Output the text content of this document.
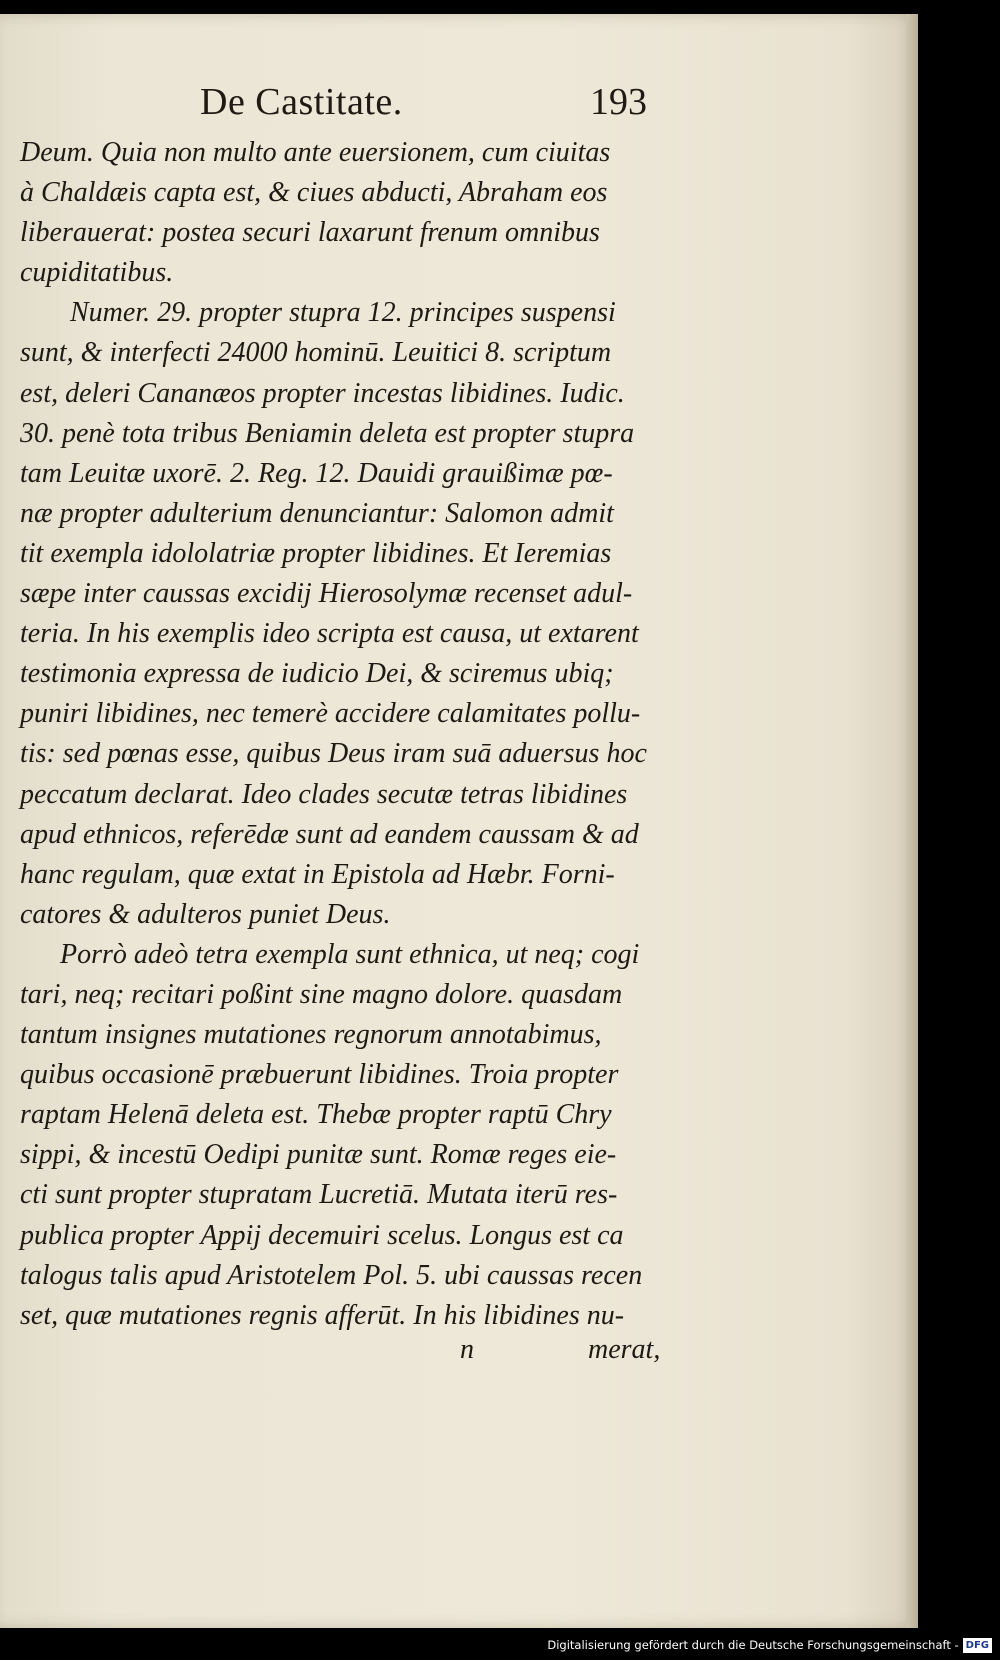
De Castitate.	193
Deum. Quia non multo ante euersionem, cum ciuitas
à Chaldæis capta est, & ciues abducti, Abraham eos
liberauerat: postea securi laxarunt frenum omnibus
cupiditatibus.
Numer. 29. propter stupra 12. principes suspensi
sunt, & interfecti 24000 hominū. Leuitici 8. scriptum
est, deleri Cananæos propter incestas libidines. Iudic.
30. penè tota tribus Beniamin deleta est propter stupra
tam Leuitæ uxorē. 2. Reg. 12. Dauidi grauißimæ pœ-
næ propter adulterium denunciantur: Salomon admit
tit exempla idololatriæ propter libidines. Et Ieremias
sæpe inter caussas excidij Hierosolymæ recenset adul-
teria. In his exemplis ideo scripta est causa, ut extarent
testimonia expressa de iudicio Dei, & sciremus ubiq;
puniri libidines, nec temerè accidere calamitates pollu-
tis: sed pœnas esse, quibus Deus iram suā aduersus hoc
peccatum declarat. Ideo clades secutæ tetras libidines
apud ethnicos, referēdæ sunt ad eandem caussam & ad
hanc regulam, quæ extat in Epistola ad Hæbr. Forni-
catores & adulteros puniet Deus.
Porrò adeò tetra exempla sunt ethnica, ut neq; cogi
tari, neq; recitari poßint sine magno dolore. quasdam
tantum insignes mutationes regnorum annotabimus,
quibus occasionē præbuerunt libidines. Troia propter
raptam Helenā deleta est. Thebæ propter raptū Chry
sippi, & incestū Oedipi punitæ sunt. Romæ reges eie-
cti sunt propter stupratam Lucretiā. Mutata iterū res-
publica propter Appij decemuiri scelus. Longus est ca
talogus talis apud Aristotelem Pol. 5. ubi caussas recen
set, quæ mutationes regnis afferūt. In his libidines nu-
n	merat,
Digitalisierung gefördert durch die Deutsche Forschungsgemeinschaft - DFG
